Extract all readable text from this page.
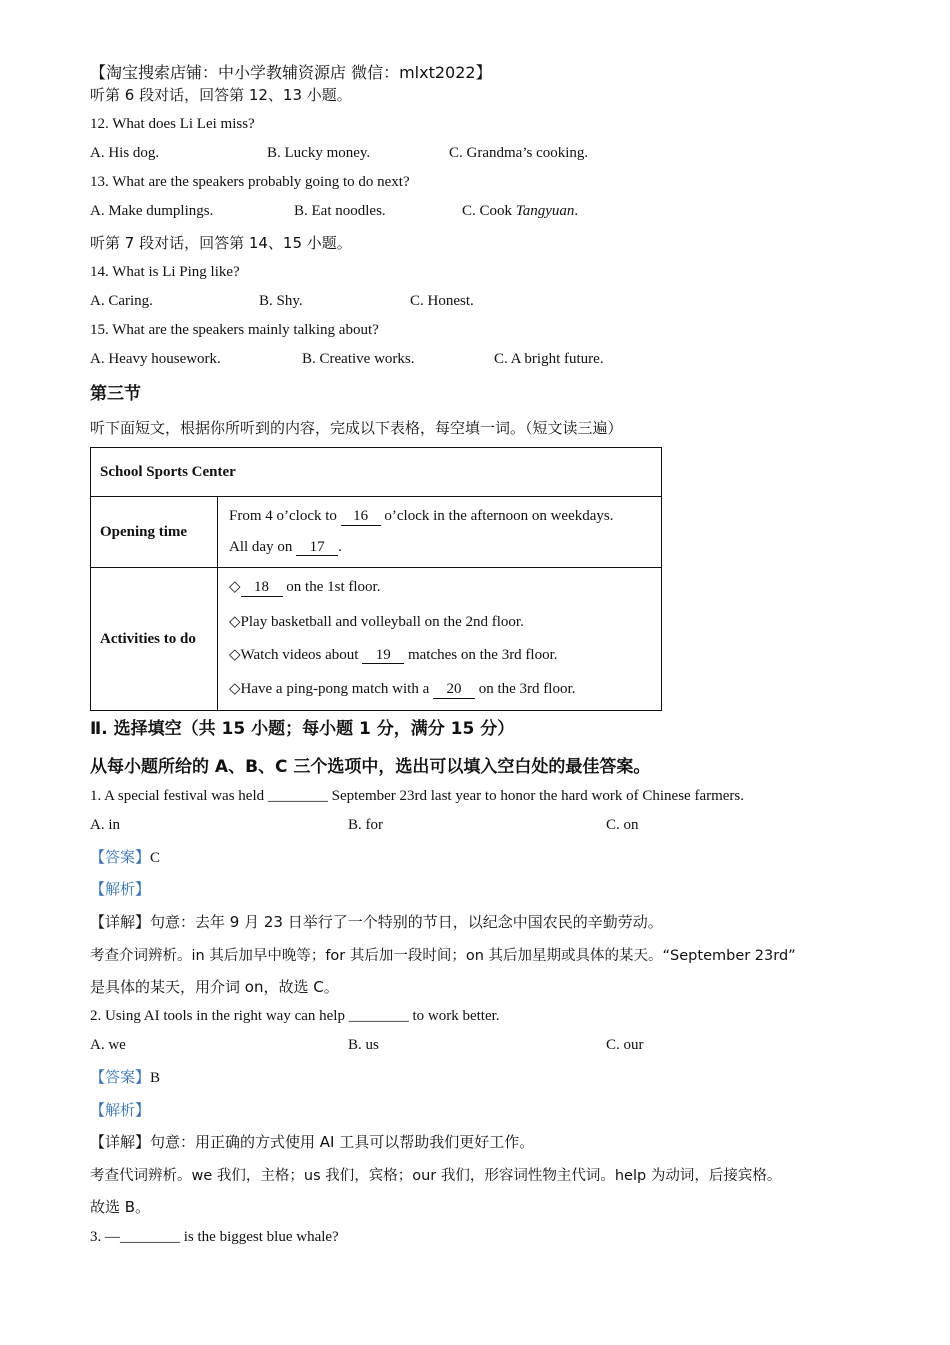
【淘宝搜索店铺：中小学教辅资源店 微信：mlxt2022】
听第 6 段对话，回答第 12、13 小题。
12. What does Li Lei miss?
A. His dog.	B. Lucky money.	C. Grandma’s cooking.
13. What are the speakers probably going to do next?
A. Make dumplings.	B. Eat noodles.	C. Cook Tangyuan.
听第 7 段对话，回答第 14、15 小题。
14. What is Li Ping like?
A. Caring.	B. Shy.	C. Honest.
15. What are the speakers mainly talking about?
A. Heavy housework.	B. Creative works.	C. A bright future.
第三节
听下面短文，根据你所听到的内容，完成以下表格，每空填一词。（短文读三遍）
School Sports Center	
Opening time	From 4 o’clock to 16 o’clock in the afternoon on weekdays.
All day on 17 .

Activities to do	◇ 18 on the 1st floor.
◇Play basketball and volleyball on the 2nd floor.
◇Watch videos about 19 matches on the 3rd floor.
◇Have a ping-pong match with a 20 on the 3rd floor.
Ⅱ. 选择填空（共 15 小题；每小题 1 分，满分 15 分）
从每小题所给的 A、B、C 三个选项中，选出可以填入空白处的最佳答案。
1. A special festival was held ________ September 23rd last year to honor the hard work of Chinese farmers.
A. in	B. for	C. on
【答案】C
【解析】
【详解】句意：去年 9 月 23 日举行了一个特别的节日，以纪念中国农民的辛勤劳动。
考查介词辨析。in 其后加早中晚等；for 其后加一段时间；on 其后加星期或具体的某天。“September 23rd”
是具体的某天，用介词 on，故选 C。
2. Using AI tools in the right way can help ________ to work better.
A. we	B. us	C. our
【答案】B
【解析】
【详解】句意：用正确的方式使用 AI 工具可以帮助我们更好工作。
考查代词辨析。we 我们，主格；us 我们，宾格；our 我们，形容词性物主代词。help 为动词，后接宾格。
故选 B。
3. —________ is the biggest blue whale?
